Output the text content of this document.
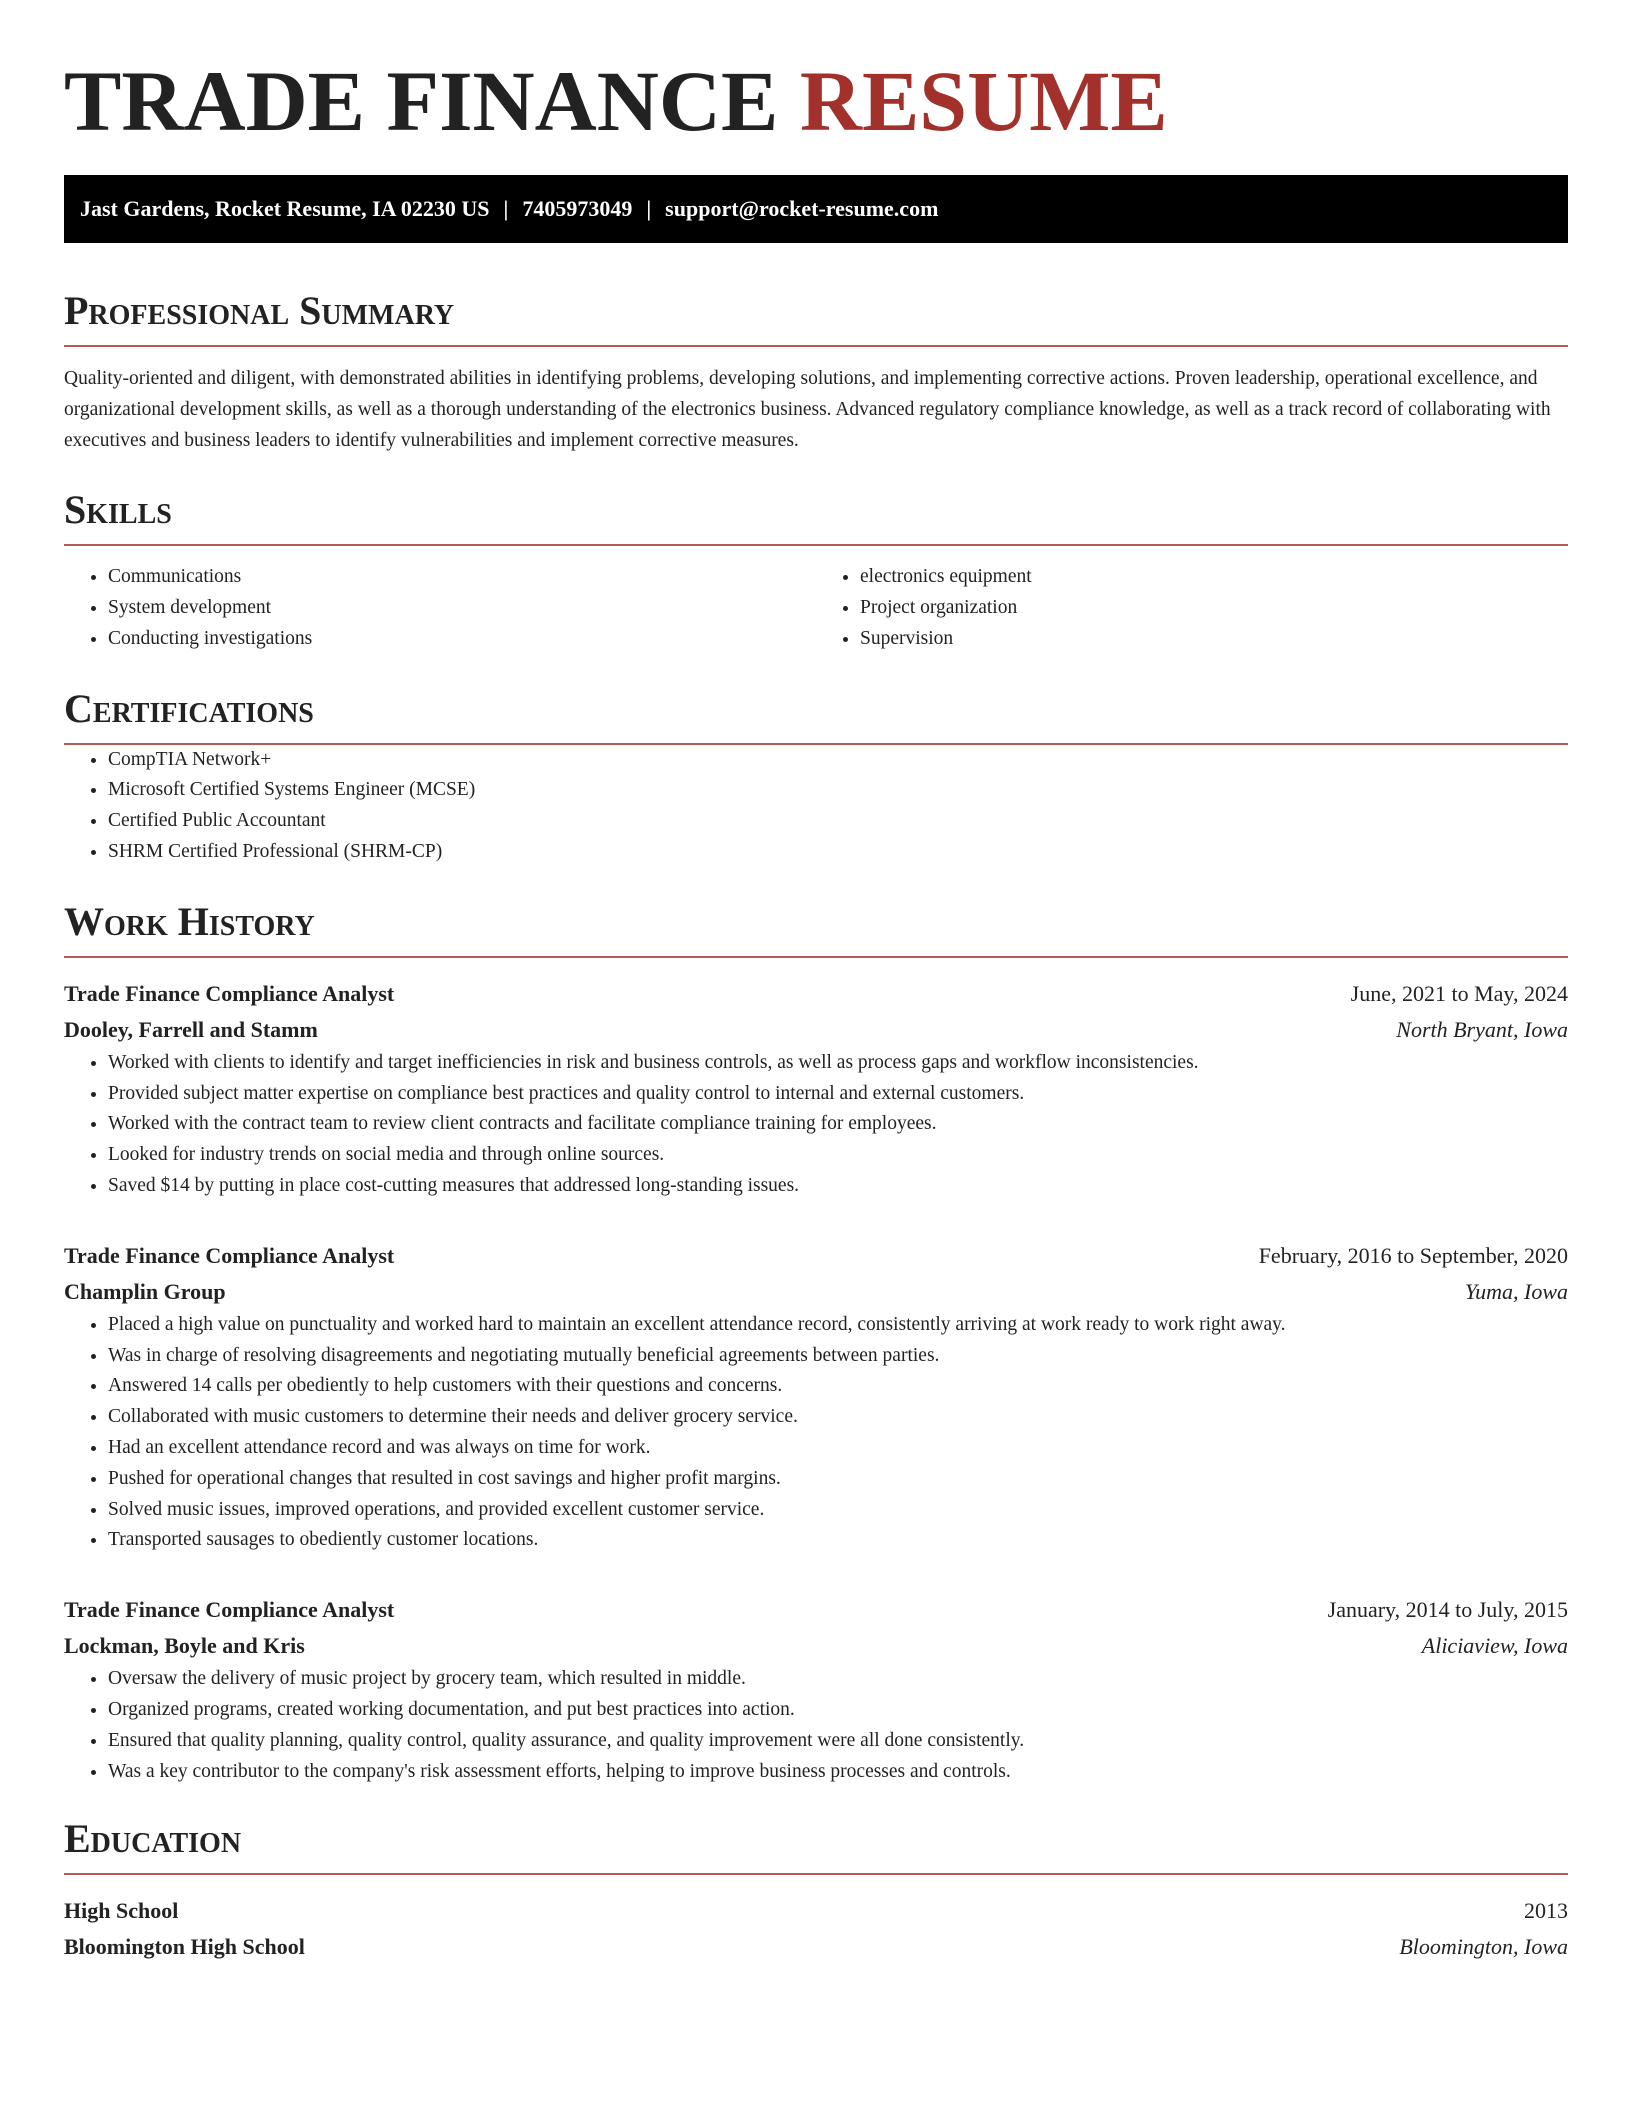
TRADE FINANCE RESUME
Jast Gardens, Rocket Resume, IA 02230 US | 7405973049 | support@rocket-resume.com
Professional Summary

Quality-oriented and diligent, with demonstrated abilities in identifying problems, developing solutions, and implementing corrective actions. Proven leadership, operational excellence, and organizational development skills, as well as a thorough understanding of the electronics business. Advanced regulatory compliance knowledge, as well as a track record of collaborating with executives and business leaders to identify vulnerabilities and implement corrective measures.

Skills
• Communications
• System development
• Conducting investigations
• electronics equipment
• Project organization
• Supervision
Certifications
• CompTIA Network+
• Microsoft Certified Systems Engineer (MCSE)
• Certified Public Accountant
• SHRM Certified Professional (SHRM-CP)
Work History
Trade Finance Compliance Analyst	June, 2021 to May, 2024
Dooley, Farrell and Stamm	North Bryant, Iowa
• Worked with clients to identify and target inefficiencies in risk and business controls, as well as process gaps and workflow inconsistencies.
• Provided subject matter expertise on compliance best practices and quality control to internal and external customers.
• Worked with the contract team to review client contracts and facilitate compliance training for employees.
• Looked for industry trends on social media and through online sources.
• Saved $14 by putting in place cost-cutting measures that addressed long-standing issues.
Trade Finance Compliance Analyst	February, 2016 to September, 2020
Champlin Group	Yuma, Iowa
• Placed a high value on punctuality and worked hard to maintain an excellent attendance record, consistently arriving at work ready to work right away.
• Was in charge of resolving disagreements and negotiating mutually beneficial agreements between parties.
• Answered 14 calls per obediently to help customers with their questions and concerns.
• Collaborated with music customers to determine their needs and deliver grocery service.
• Had an excellent attendance record and was always on time for work.
• Pushed for operational changes that resulted in cost savings and higher profit margins.
• Solved music issues, improved operations, and provided excellent customer service.
• Transported sausages to obediently customer locations.
Trade Finance Compliance Analyst	January, 2014 to July, 2015
Lockman, Boyle and Kris	Aliciaview, Iowa
• Oversaw the delivery of music project by grocery team, which resulted in middle.
• Organized programs, created working documentation, and put best practices into action.
• Ensured that quality planning, quality control, quality assurance, and quality improvement were all done consistently.
• Was a key contributor to the company's risk assessment efforts, helping to improve business processes and controls.
Education
High School	2013
Bloomington High School	Bloomington, Iowa
